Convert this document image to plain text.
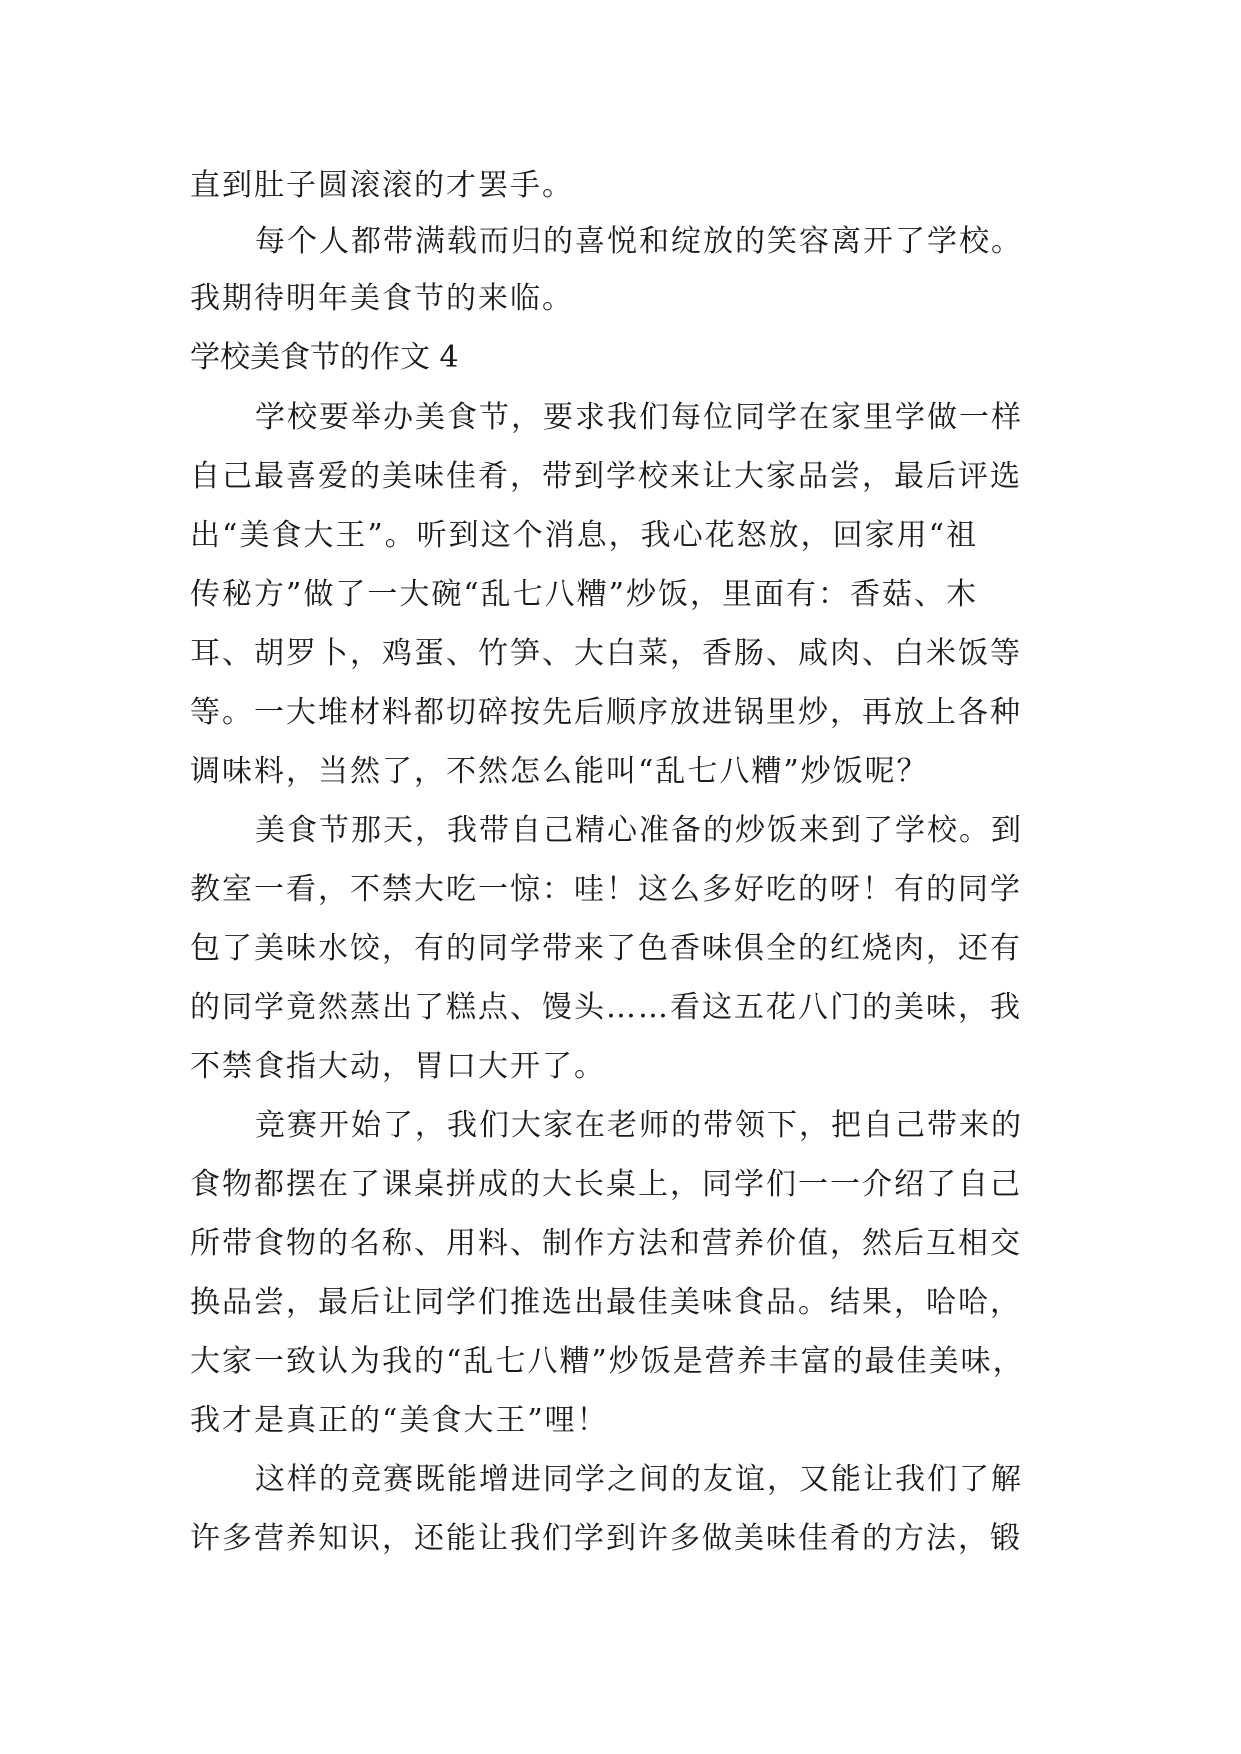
直到肚子圆滚滚的才罢手。
每个人都带满载而归的喜悦和绽放的笑容离开了学校。
我期待明年美食节的来临。
学校美食节的作文 4
学校要举办美食节，要求我们每位同学在家里学做一样
自己最喜爱的美味佳肴，带到学校来让大家品尝，最后评选
出“美食大王”。听到这个消息，我心花怒放，回家用“祖
传秘方”做了一大碗“乱七八糟”炒饭，里面有：香菇、木
耳、胡罗卜，鸡蛋、竹笋、大白菜，香肠、咸肉、白米饭等
等。一大堆材料都切碎按先后顺序放进锅里炒，再放上各种
调味料，当然了，不然怎么能叫“乱七八糟”炒饭呢？
美食节那天，我带自己精心准备的炒饭来到了学校。到
教室一看，不禁大吃一惊：哇！这么多好吃的呀！有的同学
包了美味水饺，有的同学带来了色香味俱全的红烧肉，还有
的同学竟然蒸出了糕点、馒头……看这五花八门的美味，我
不禁食指大动，胃口大开了。
竞赛开始了，我们大家在老师的带领下，把自己带来的
食物都摆在了课桌拼成的大长桌上，同学们一一介绍了自己
所带食物的名称、用料、制作方法和营养价值，然后互相交
换品尝，最后让同学们推选出最佳美味食品。结果，哈哈，
大家一致认为我的“乱七八糟”炒饭是营养丰富的最佳美味，
我才是真正的“美食大王”哩！
这样的竞赛既能增进同学之间的友谊，又能让我们了解
许多营养知识，还能让我们学到许多做美味佳肴的方法，锻
